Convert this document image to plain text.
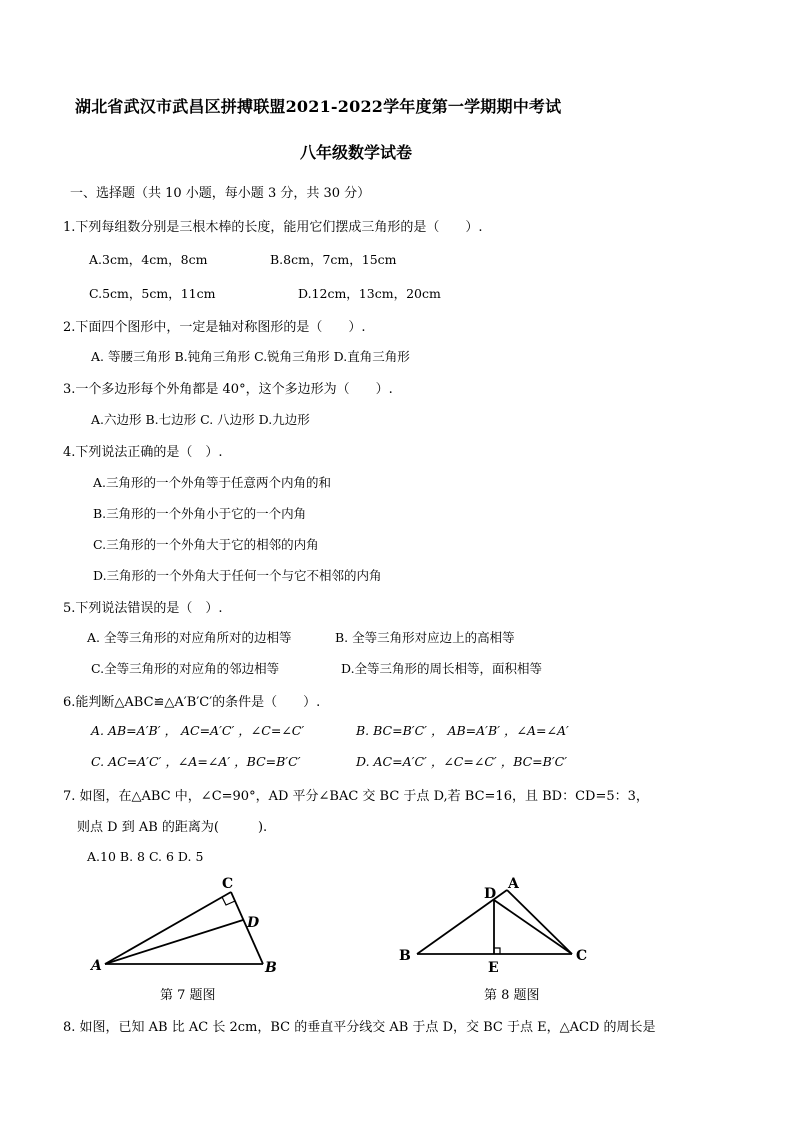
湖北省武汉市武昌区拼搏联盟2021-2022学年度第一学期期中考试
八年级数学试卷
一、选择题（共 10 小题，每小题 3 分，共 30 分）
1.下列每组数分别是三根木棒的长度，能用它们摆成三角形的是（　　）.
A.3cm，4cm，8cm	B.8cm，7cm，15cm
C.5cm，5cm，11cm	D.12cm，13cm，20cm
2.下面四个图形中，一定是轴对称图形的是（　　）.
A. 等腰三角形 B.钝角三角形 C.锐角三角形 D.直角三角形
3.一个多边形每个外角都是 40°，这个多边形为（　　）.
A.六边形 B.七边形 C. 八边形 D.九边形
4.下列说法正确的是（　）.
A.三角形的一个外角等于任意两个内角的和
B.三角形的一个外角小于它的一个内角
C.三角形的一个外角大于它的相邻的内角
D.三角形的一个外角大于任何一个与它不相邻的内角
5.下列说法错误的是（　）.
A. 全等三角形的对应角所对的边相等	B. 全等三角形对应边上的高相等
C.全等三角形的对应角的邻边相等	D.全等三角形的周长相等，面积相等
6.能判断△ABC≌△A′B′C′的条件是（　　）.
A. AB=A′B′ ， AC=A′C′ ，∠C=∠C′	B. BC=B′C′ ， AB=A′B′ ，∠A=∠A′
C. AC=A′C′ ，∠A=∠A′ ，BC=B′C′	D. AC=A′C′ ，∠C=∠C′ ，BC=B′C′
7. 如图，在△ABC 中，∠C=90°，AD 平分∠BAC 交 BC 于点 D,若 BC=16，且 BD：CD=5：3，
则点 D 到 AB 的距离为(　　　).
A.10 B. 8 C. 6 D. 5
C
D
A	B
第 7 题图
D
A
B	C
E
第 8 题图
8. 如图，已知 AB 比 AC 长 2cm，BC 的垂直平分线交 AB 于点 D，交 BC 于点 E，△ACD 的周长是
